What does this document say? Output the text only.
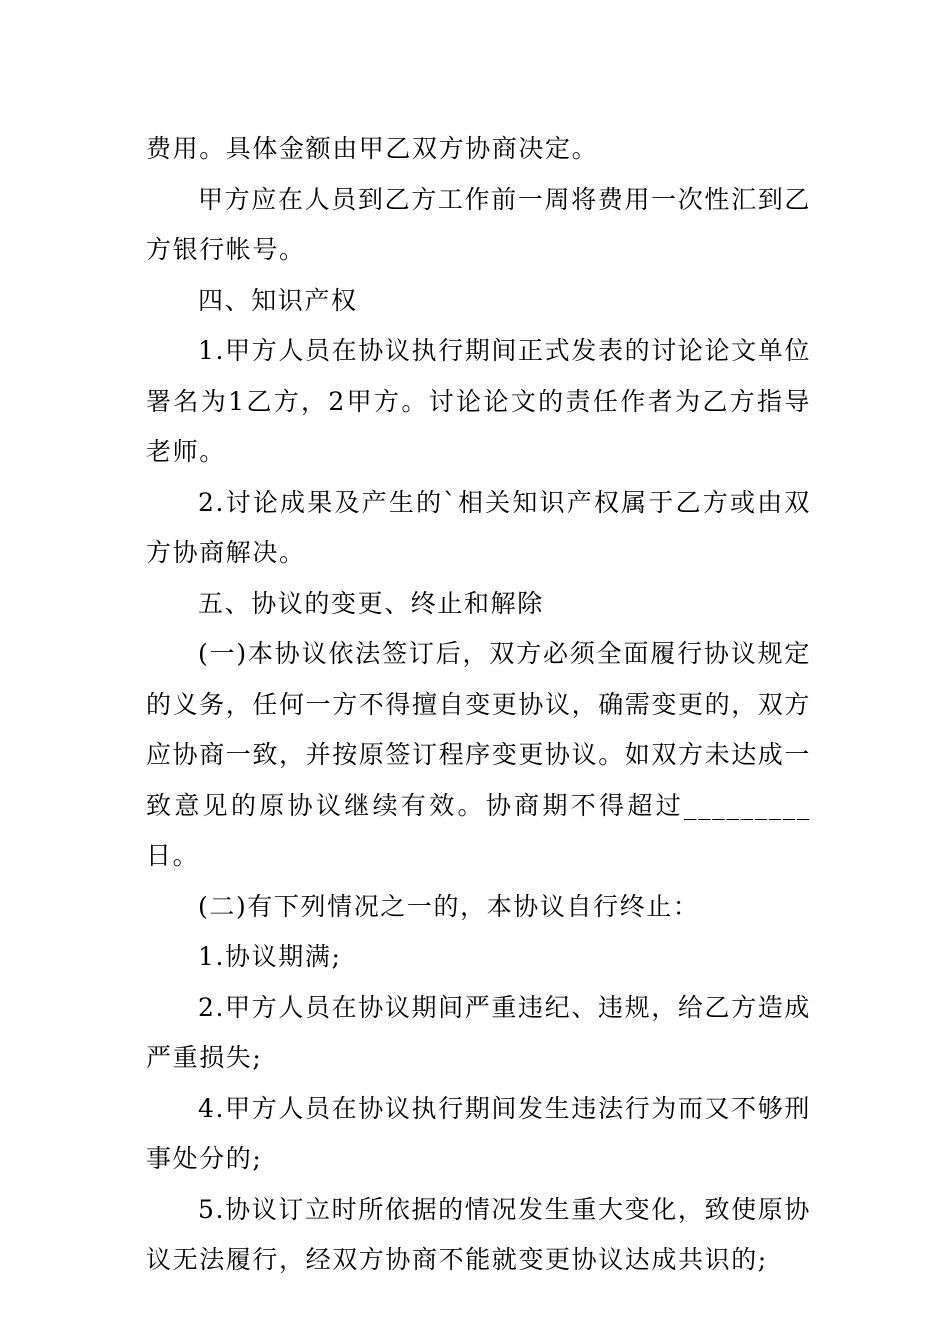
费用。具体金额由甲乙双方协商决定。

甲方应在人员到乙方工作前一周将费用一次性汇到乙方银行帐号。

四、知识产权

1.甲方人员在协议执行期间正式发表的讨论论文单位署名为1乙方，2甲方。讨论论文的责任作者为乙方指导老师。

2.讨论成果及产生的`相关知识产权属于乙方或由双方协商解决。

五、协议的变更、终止和解除

(一)本协议依法签订后，双方必须全面履行协议规定的义务，任何一方不得擅自变更协议，确需变更的，双方应协商一致，并按原签订程序变更协议。如双方未达成一致意见的原协议继续有效。协商期不得超过_________日。

(二)有下列情况之一的，本协议自行终止：

1.协议期满;

2.甲方人员在协议期间严重违纪、违规，给乙方造成严重损失;

4.甲方人员在协议执行期间发生违法行为而又不够刑事处分的;

5.协议订立时所依据的情况发生重大变化，致使原协议无法履行，经双方协商不能就变更协议达成共识的;
